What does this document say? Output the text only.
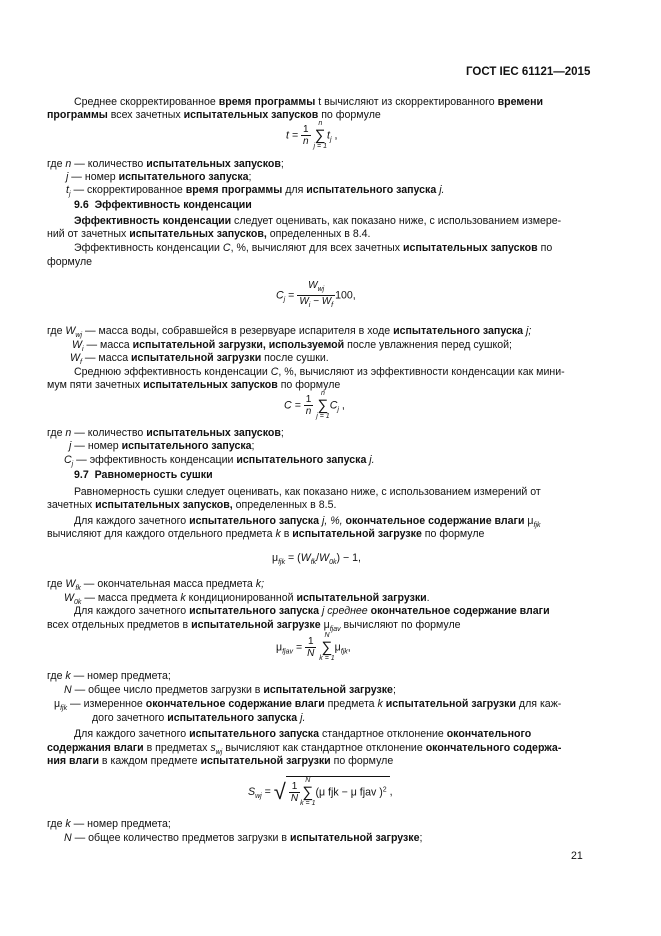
ГОСТ IEC 61121—2015
Среднее скорректированное время программы t вычисляют из скорректированного времени
программы всех зачетных испытательных запусков по формуле
$t = \frac{1}{n}$
n
∑
$j = 1t_j$ ,
где n — количество испытательных запусков;
j — номер испытательного запуска;
$t_j$ — скорректированное время программы для испытательного запуска j.
9.6 Эффективность конденсации
Эффективность конденсации следует оценивать, как показано ниже, с использованием измере-
ний от зачетных испытательных запусков, определенных в 8.4.
Эффективность конденсации C, %, вычисляют для всех зачетных испытательных запусков по
формуле
$C_j = \frac{W_{wj}}{W_i - W_f} 100$,
где $W_{wj}$ — масса воды, собравшейся в резервуаре испарителя в ходе испытательного запуска j;
$W_i$ — масса испытательной загрузки, используемой после увлажнения перед сушкой;
$W_f$ — масса испытательной загрузки после сушки.
Среднюю эффективность конденсации C, %, вычисляют из эффективности конденсации как мини-
мум пяти зачетных испытательных запусков по формуле
$C = \frac{1}{n}$
n
∑
$j = 1C_j$ ,
где n — количество испытательных запусков;
j — номер испытательного запуска;
$C_j$ — эффективность конденсации испытательного запуска j.
9.7 Равномерность сушки
Равномерность сушки следует оценивать, как показано ниже, с использованием измерений от
зачетных испытательных запусков, определенных в 8.5.
Для каждого зачетного испытательного запуска j, %, окончательное содержание влаги $\mu_{fjk}$
вычисляют для каждого отдельного предмета k в испытательной загрузке по формуле
$\mu_{fjk} = (W_{fk}/W_{0k}) - 1$,
где $W_{fk}$ — окончательная масса предмета k;
$W_{0k}$ — масса предмета k кондиционированной испытательной загрузки.
Для каждого зачетного испытательного запуска j среднее окончательное содержание влаги
всех отдельных предметов в испытательной загрузке $\mu_{fjav}$ вычисляют по формуле
$\mu_{fjav} = \frac{1}{N}$
N
∑
$k = 1\mu_{fjk}$,
где k — номер предмета;
N — общее число предметов загрузки в испытательной загрузке;
$\mu_{fjk}$ — измеренное окончательное содержание влаги предмета k испытательной загрузки для каж-
дого зачетного испытательного запуска j.
Для каждого зачетного испытательного запуска стандартное отклонение окончательного
содержания влаги в предметах $s_{wj}$ вычисляют как стандартное отклонение окончательного содержа-
ния влаги в каждом предмете испытательной загрузки по формуле
$S_{wj}$ = √ $\frac{1}{N}$
N
∑
k = 1(μ fjk − μ fjav )$^2$ ,
где k — номер предмета;
N — общее количество предметов загрузки в испытательной загрузке;
21
